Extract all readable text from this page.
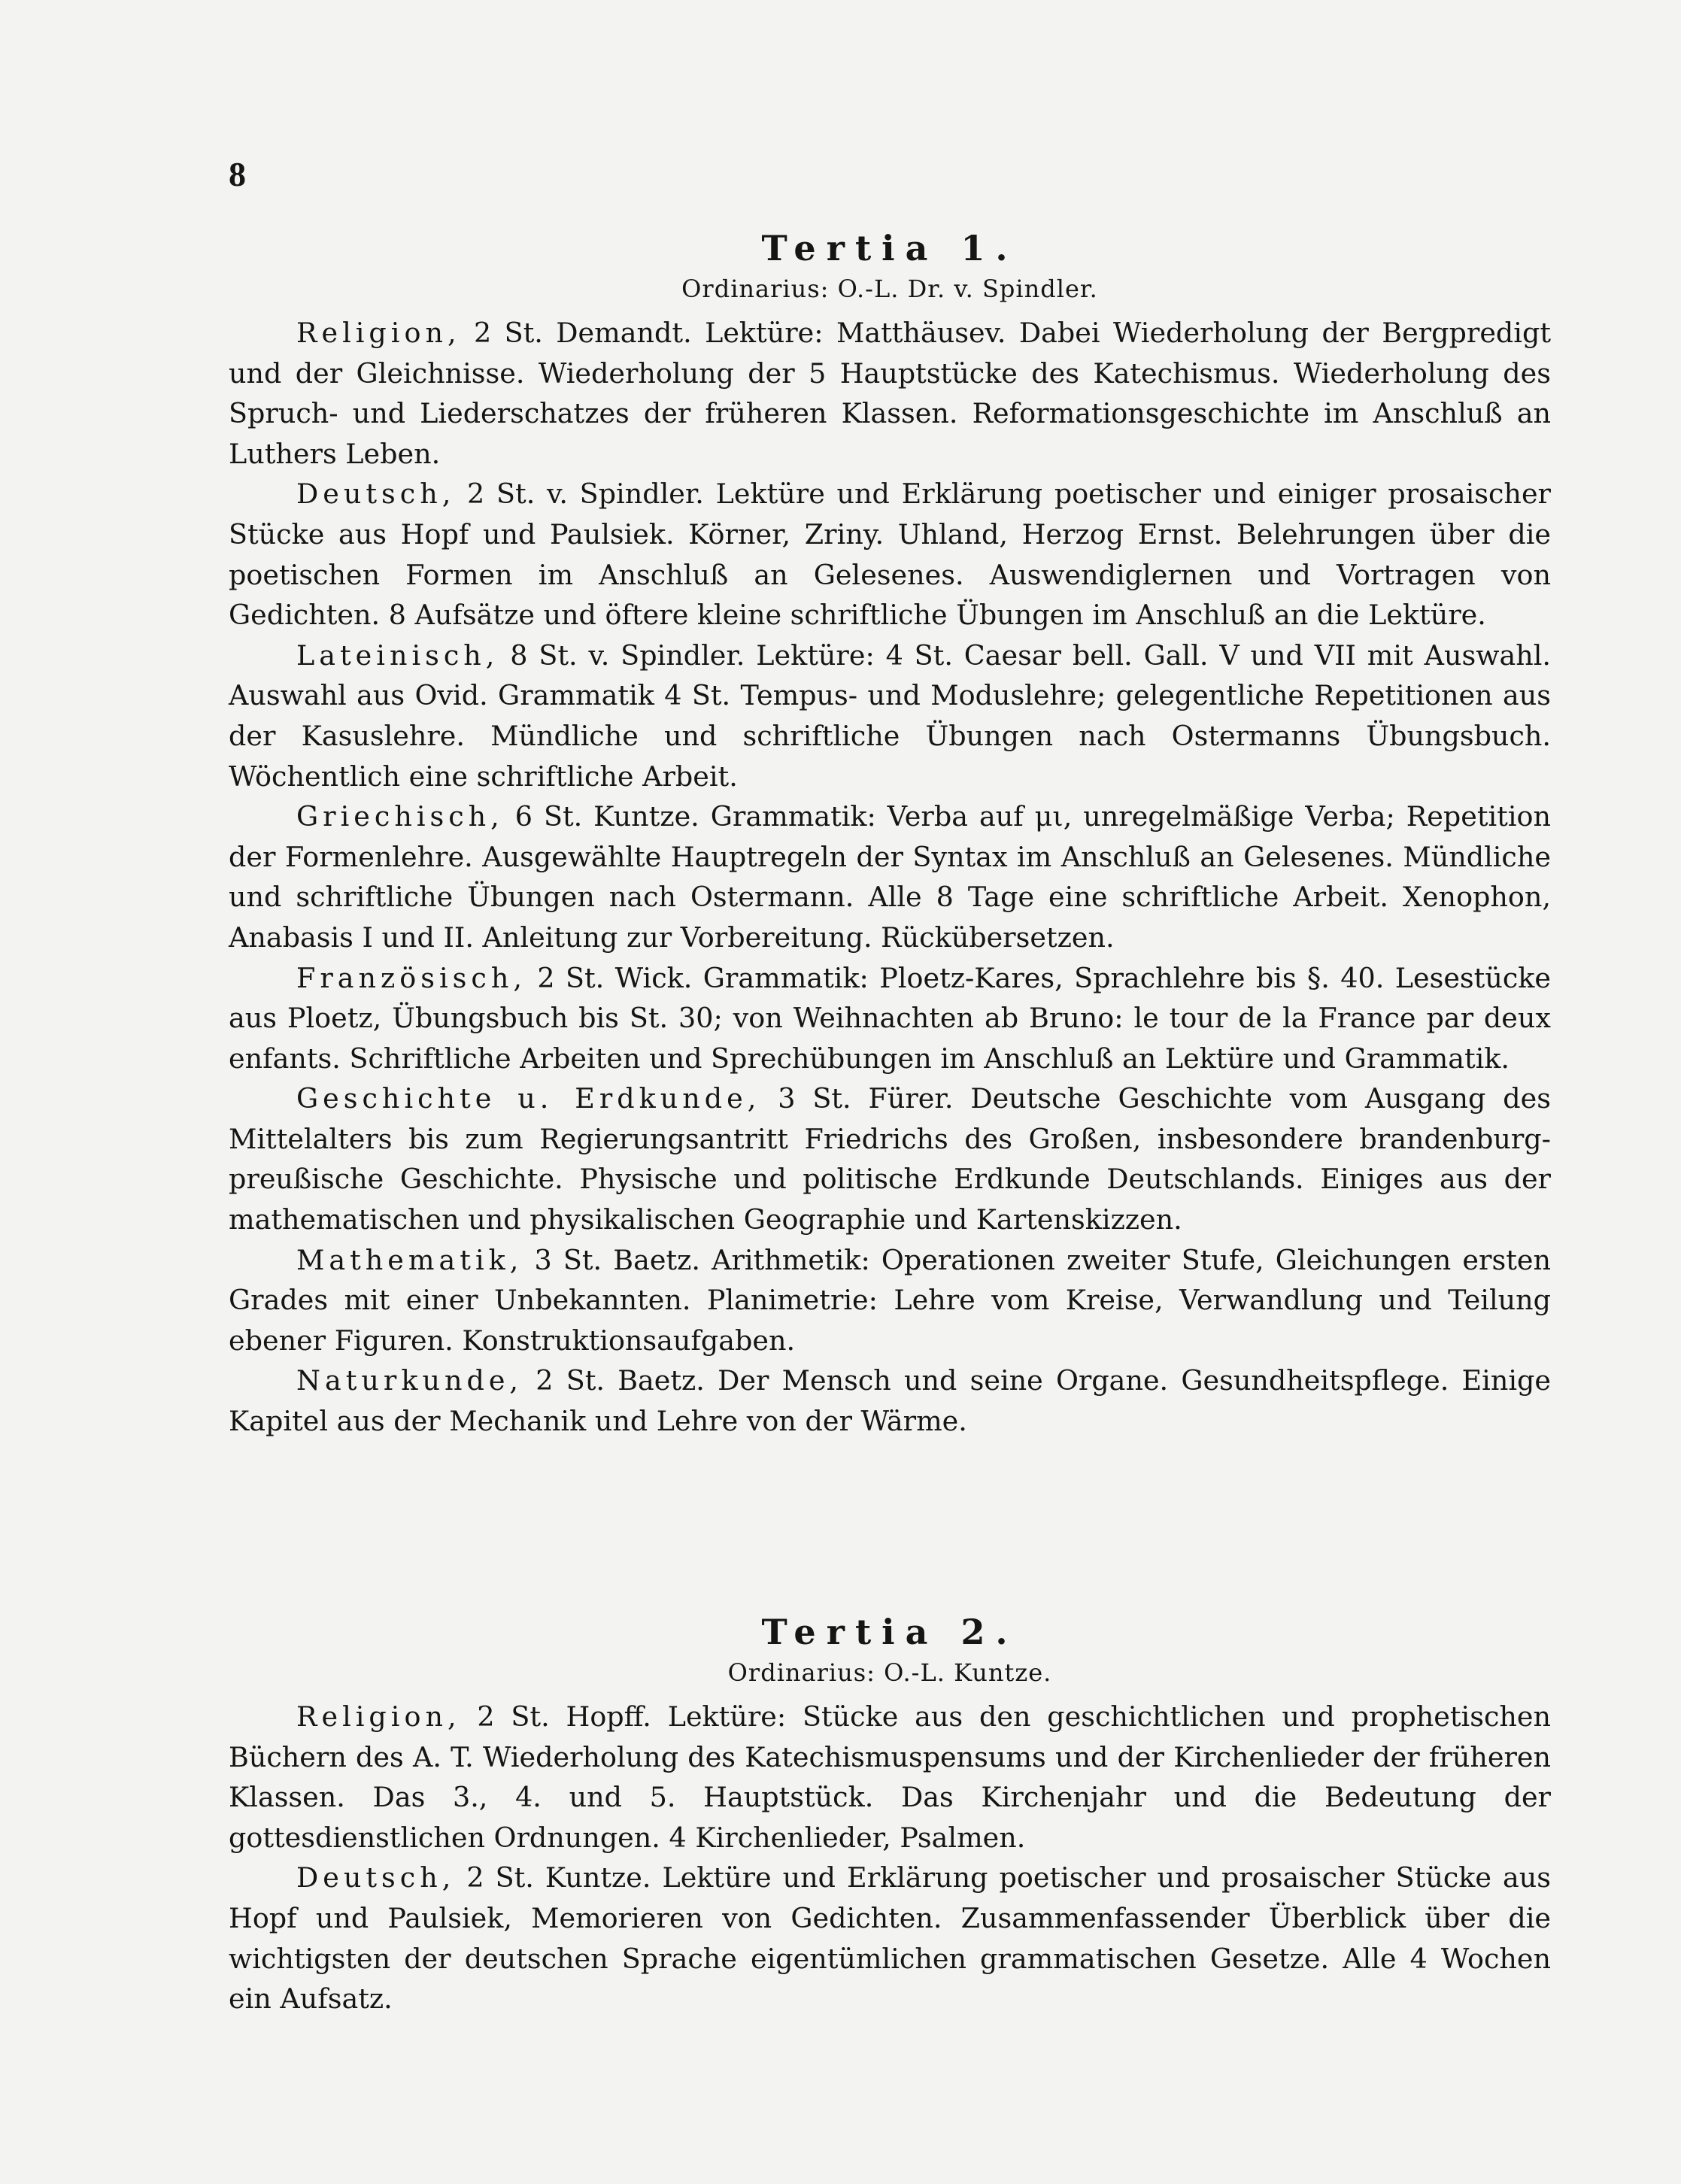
8
Tertia 1.
Ordinarius: O.-L. Dr. v. Spindler.

Religion, 2 St. Demandt. Lektüre: Matthäusev. Dabei Wiederholung der Bergpredigt und der Gleichnisse. Wiederholung der 5 Hauptstücke des Katechismus. Wiederholung des Spruch- und Liederschatzes der früheren Klassen. Reformationsgeschichte im Anschluß an Luthers Leben.

Deutsch, 2 St. v. Spindler. Lektüre und Erklärung poetischer und einiger prosaischer Stücke aus Hopf und Paulsiek. Körner, Zriny. Uhland, Herzog Ernst. Belehrungen über die poetischen Formen im Anschluß an Gelesenes. Auswendiglernen und Vortragen von Gedichten. 8 Aufsätze und öftere kleine schriftliche Übungen im Anschluß an die Lektüre.

Lateinisch, 8 St. v. Spindler. Lektüre: 4 St. Caesar bell. Gall. V und VII mit Auswahl. Auswahl aus Ovid. Grammatik 4 St. Tempus- und Moduslehre; gelegentliche Repetitionen aus der Kasuslehre. Mündliche und schriftliche Übungen nach Ostermanns Übungsbuch. Wöchentlich eine schriftliche Arbeit.

Griechisch, 6 St. Kuntze. Grammatik: Verba auf μι, unregelmäßige Verba; Repetition der Formenlehre. Ausgewählte Hauptregeln der Syntax im Anschluß an Gelesenes. Mündliche und schriftliche Übungen nach Ostermann. Alle 8 Tage eine schriftliche Arbeit. Xenophon, Anabasis I und II. Anleitung zur Vorbereitung. Rückübersetzen.

Französisch, 2 St. Wick. Grammatik: Ploetz-Kares, Sprachlehre bis §. 40. Lesestücke aus Ploetz, Übungsbuch bis St. 30; von Weihnachten ab Bruno: le tour de la France par deux enfants. Schriftliche Arbeiten und Sprechübungen im Anschluß an Lektüre und Grammatik.

Geschichte u. Erdkunde, 3 St. Fürer. Deutsche Geschichte vom Ausgang des Mittelalters bis zum Regierungsantritt Friedrichs des Großen, insbesondere brandenburg-preußische Geschichte. Physische und politische Erdkunde Deutschlands. Einiges aus der mathematischen und physikalischen Geographie und Kartenskizzen.

Mathematik, 3 St. Baetz. Arithmetik: Operationen zweiter Stufe, Gleichungen ersten Grades mit einer Unbekannten. Planimetrie: Lehre vom Kreise, Verwandlung und Teilung ebener Figuren. Konstruktionsaufgaben.

Naturkunde, 2 St. Baetz. Der Mensch und seine Organe. Gesundheitspflege. Einige Kapitel aus der Mechanik und Lehre von der Wärme.

Tertia 2.
Ordinarius: O.-L. Kuntze.

Religion, 2 St. Hopff. Lektüre: Stücke aus den geschichtlichen und prophetischen Büchern des A. T. Wiederholung des Katechismuspensums und der Kirchenlieder der früheren Klassen. Das 3., 4. und 5. Hauptstück. Das Kirchenjahr und die Bedeutung der gottesdienstlichen Ordnungen. 4 Kirchenlieder, Psalmen.

Deutsch, 2 St. Kuntze. Lektüre und Erklärung poetischer und prosaischer Stücke aus Hopf und Paulsiek, Memorieren von Gedichten. Zusammenfassender Überblick über die wichtigsten der deutschen Sprache eigentümlichen grammatischen Gesetze. Alle 4 Wochen ein Aufsatz.
